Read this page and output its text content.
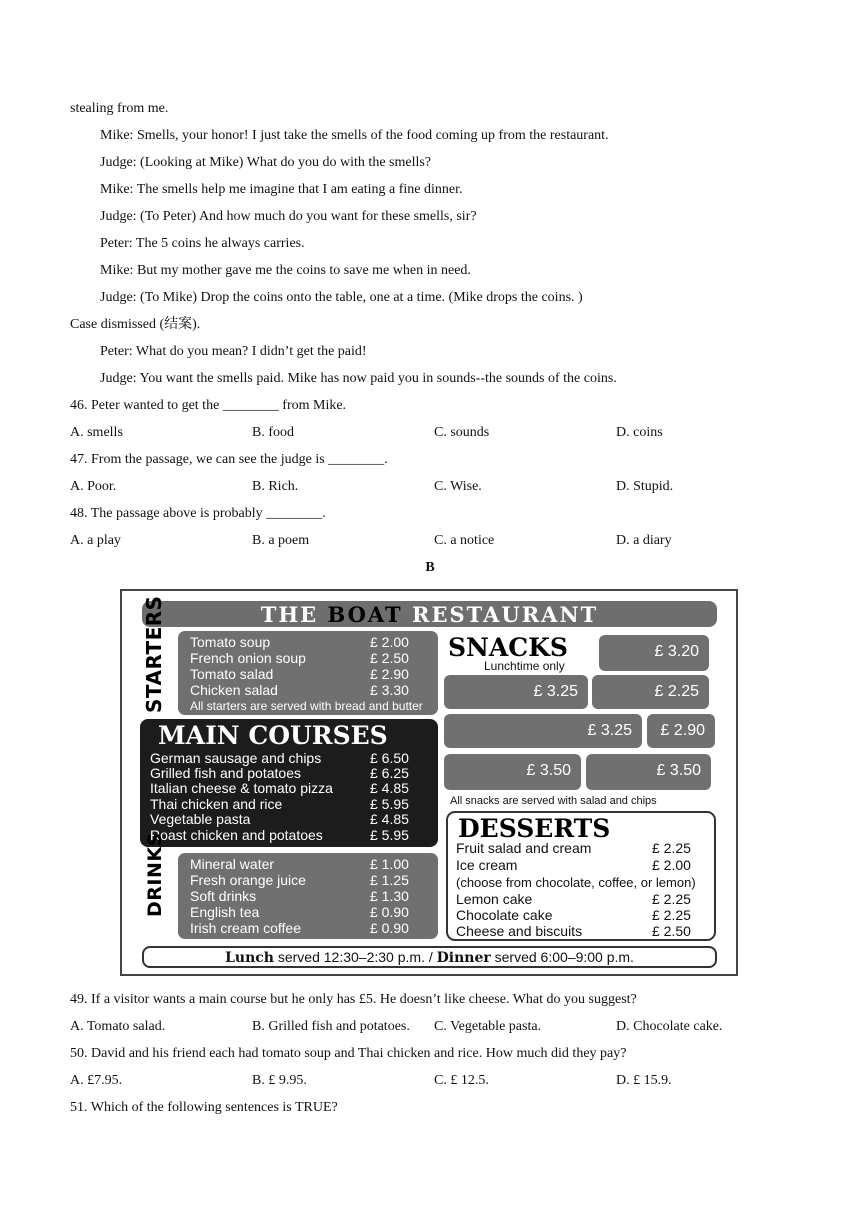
stealing from me.
Mike: Smells, your honor! I just take the smells of the food coming up from the restaurant.
Judge: (Looking at Mike) What do you do with the smells?
Mike: The smells help me imagine that I am eating a fine dinner.
Judge: (To Peter) And how much do you want for these smells, sir?
Peter: The 5 coins he always carries.
Mike: But my mother gave me the coins to save me when in need.
Judge: (To Mike) Drop the coins onto the table, one at a time. (Mike drops the coins. )
Case dismissed (结案).
Peter: What do you mean? I didn’t get the paid!
Judge: You want the smells paid. Mike has now paid you in sounds--the sounds of the coins.
46. Peter wanted to get the ________ from Mike.
A. smells	B. food	C. sounds	D. coins
47. From the passage, we can see the judge is ________.
A. Poor.	B. Rich.	C. Wise.	D. Stupid.
48. The passage above is probably ________.
A. a play	B. a poem	C. a notice	D. a diary
B
THE BOAT RESTAURANT
STARTERS Tomato soup	£ 2.00
French onion soup	£ 2.50
Tomato salad	£ 2.90
Chicken salad	£ 3.30
All starters are served with bread and butter
MAIN COURSES
German sausage and chips	£ 6.50
Grilled fish and potatoes	£ 6.25
Italian cheese & tomato pizza	£ 4.85
Thai chicken and rice	£ 5.95
Vegetable pasta	£ 4.85
Roast chicken and potatoes	£ 5.95
DRINKS Mineral water	£ 1.00
Fresh orange juice	£ 1.25
Soft drinks	£ 1.30
English tea	£ 0.90
Irish cream coffee	£ 0.90
SNACKS
Lunchtime only
£ 3.20
£ 3.25	£ 2.25
£ 3.25	£ 2.90
£ 3.50	£ 3.50
All snacks are served with salad and chips
DESSERTS
Fruit salad and cream	£ 2.25
Ice cream	£ 2.00
(choose from chocolate, coffee, or lemon)
Lemon cake	£ 2.25
Chocolate cake	£ 2.25
Cheese and biscuits	£ 2.50
Lunch served 12:30–2:30 p.m. / Dinner served 6:00–9:00 p.m.
49. If a visitor wants a main course but he only has £5. He doesn’t like cheese. What do you suggest?
A. Tomato salad.	B. Grilled fish and potatoes. C. Vegetable pasta.	D. Chocolate cake.
50. David and his friend each had tomato soup and Thai chicken and rice. How much did they pay?
A. £7.95.	B. £ 9.95.	C. £ 12.5.	D. £ 15.9.
51. Which of the following sentences is TRUE?
